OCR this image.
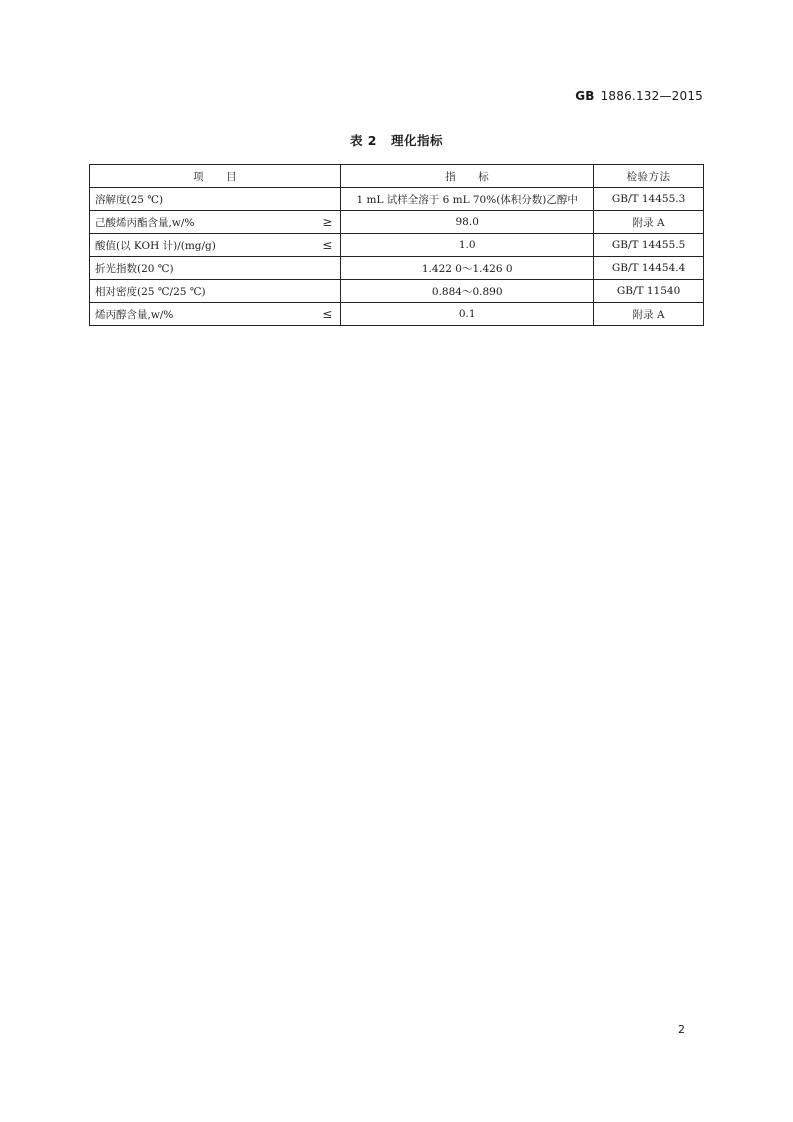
GB 1886.132—2015
表 2 理化指标
项　　目	指　　标	检验方法
溶解度(25 ℃)	1 mL 试样全溶于 6 mL 70%(体积分数)乙醇中	GB/T 14455.3
己酸烯丙酯含量,w/% ≥	98.0	附录 A
酸值(以 KOH 计)/(mg/g) ≤	1.0	GB/T 14455.5
折光指数(20 ℃)	1.422 0～1.426 0	GB/T 14454.4
相对密度(25 ℃/25 ℃)	0.884～0.890	GB/T 11540
烯丙醇含量,w/% ≤	0.1	附录 A
2
